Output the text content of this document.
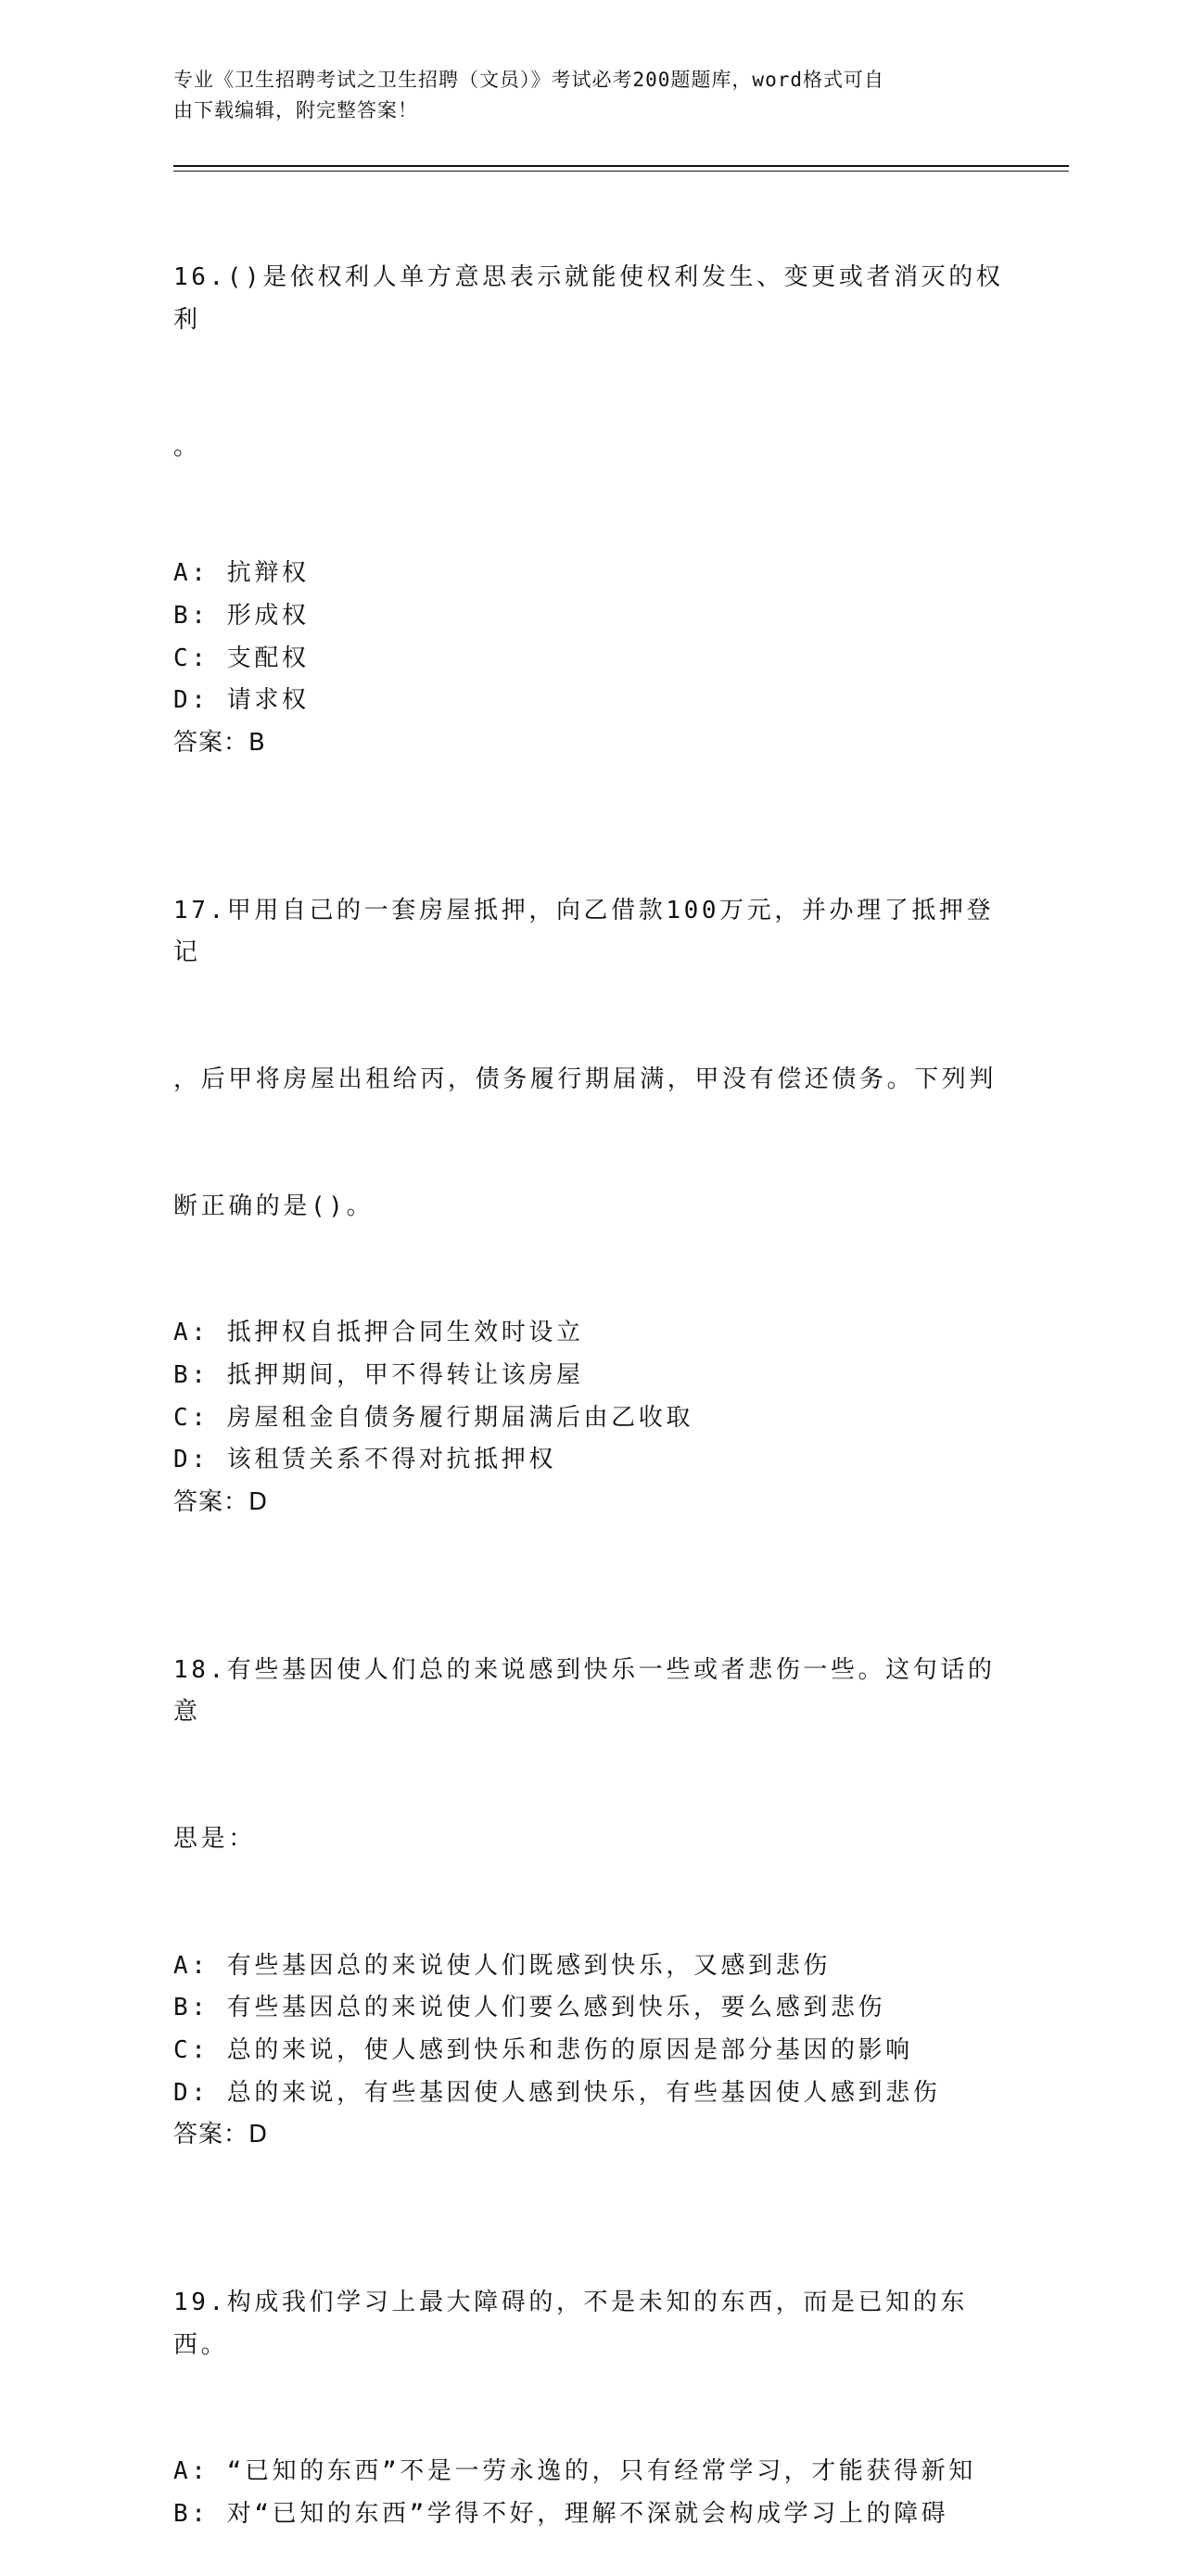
专业《卫生招聘考试之卫生招聘（文员）》考试必考200题题库，word格式可自
由下载编辑，附完整答案！

16.()是依权利人单方意思表示就能使权利发生、变更或者消灭的权利

。

A: 抗辩权
B: 形成权
C: 支配权
D: 请求权
答案：B

17.甲用自己的一套房屋抵押，向乙借款100万元，并办理了抵押登记

，后甲将房屋出租给丙，债务履行期届满，甲没有偿还债务。下列判

断正确的是()。

A: 抵押权自抵押合同生效时设立
B: 抵押期间，甲不得转让该房屋
C: 房屋租金自债务履行期届满后由乙收取
D: 该租赁关系不得对抗抵押权
答案：D

18.有些基因使人们总的来说感到快乐一些或者悲伤一些。这句话的意

思是：

A: 有些基因总的来说使人们既感到快乐，又感到悲伤
B: 有些基因总的来说使人们要么感到快乐，要么感到悲伤
C: 总的来说，使人感到快乐和悲伤的原因是部分基因的影响
D: 总的来说，有些基因使人感到快乐，有些基因使人感到悲伤
答案：D

19.构成我们学习上最大障碍的，不是未知的东西，而是已知的东西。

A: “已知的东西”不是一劳永逸的，只有经常学习，才能获得新知
B: 对“已知的东西”学得不好，理解不深就会构成学习上的障碍
